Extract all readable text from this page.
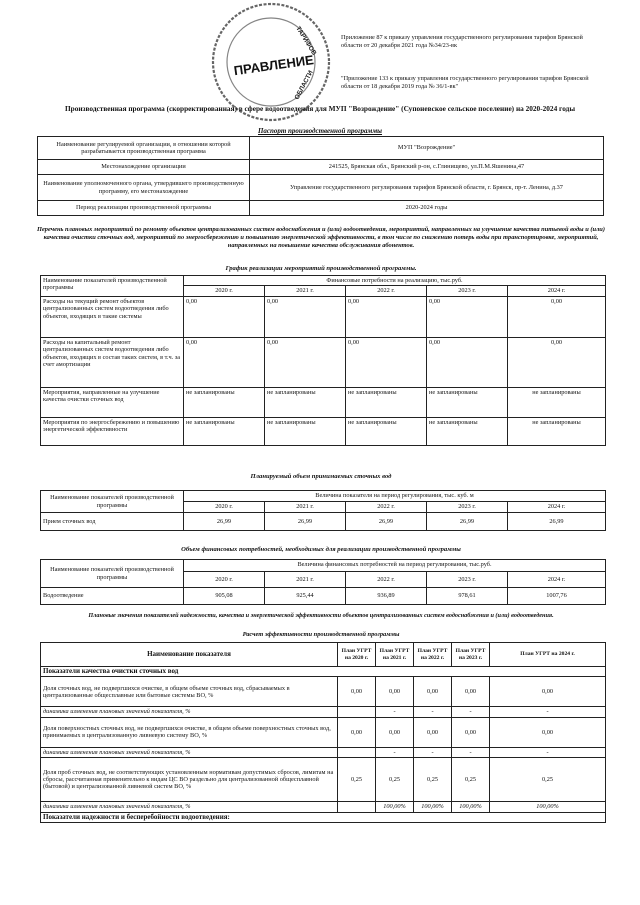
ПРАВЛЕНИЕ
ТАРИФОВ
ОБЛАСТИ
Приложение 87 к приказу управления государственного регулирования тарифов Брянской области от 20 декабря 2021 года №34/23-вк
"Приложение 133 к приказу управления государственного регулирования тарифов Брянской области от 18 декабря 2019 года № 36/1-вк"
Производственная программа (скорректированная) в сфере водоотведения для МУП "Возрождение" (Супоневское сельское поселение) на 2020-2024 годы
Паспорт производственной программы
Наименование регулируемой организации, в отношении которой разрабатывается производственная программа	МУП "Возрождение"
Местонахождение организации	241525, Брянская обл., Брянский р-он, с.Глинищево, ул.П.М.Яшенина,47
Наименование уполномоченного органа, утвердившего производственную программу, его местонахождение	Управление государственного регулирования тарифов Брянской области, г. Брянск, пр-т. Ленина, д.37
Период реализации производственной программы	2020-2024 годы
Перечень плановых мероприятий по ремонту объектов централизованных систем водоснабжения и (или) водоотведения, мероприятий, направленных на улучшение качества питьевой воды и (или) качества очистки сточных вод, мероприятий по энергосбережению и повышению энергетической эффективности, в том числе по снижению потерь воды при транспортировке, мероприятий, направленных на повышение качества обслуживания абонентов.
График реализации мероприятий производственной программы.
Наименование показателей производственной программы	Финансовые потребности на реализацию, тыс.руб.				
	2020 г.	2021 г.	2022 г.	2023 г.	2024 г.
Расходы на текущий ремонт объектов централизованных систем водоотведения либо объектов, входящих в такие системы	0,00	0,00	0,00	0,00	0,00
Расходы на капитальный ремонт централизованных систем водоотведения либо объектов, входящих в состав таких систем, в т.ч. за счет амортизации	0,00	0,00	0,00	0,00	0,00
Мероприятия, направленные на улучшение качества очистки сточных вод	не запланированы	не запланированы	не запланированы	не запланированы	не запланированы
Мероприятия по энергосбережению и повышению энергетической эффективности	не запланированы	не запланированы	не запланированы	не запланированы	не запланированы
Планируемый объем принимаемых сточных вод
Наименование показателей производственной программы	Величина показателя на период регулирования, тыс. куб. м				
	2020 г.	2021 г.	2022 г.	2023 г.	2024 г.
Прием сточных вод	26,99	26,99	26,99	26,99	26,99
Объем финансовых потребностей, необходимых для реализации производственной программы
Наименование показателей производственной программы	Величина финансовых потребностей на период регулирования, тыс.руб.				
	2020 г.	2021 г.	2022 г.	2023 г.	2024 г.
Водоотведение	905,08	925,44	936,89	978,61	1007,76
Плановые значения показателей надежности, качества и энергетической эффективности объектов централизованных систем водоснабжения и (или) водоотведения.
Расчет эффективности производственной программы
Наименование показателя	План УГРТ на 2020 г.	План УГРТ на 2021 г.	План УГРТ на 2022 г.	План УГРТ на 2023 г.	План УГРТ на 2024 г.
Показатели качества очистки сточных вод					
Доля сточных вод, не подвергшихся очистке, в общем объеме сточных вод, сбрасываемых в централизованные общесплавные или бытовые системы ВО, %	0,00	0,00	0,00	0,00	0,00
динамика изменения плановых значений показателя, %		-	-	-	-
Доля поверхностных сточных вод, не подвергшихся очистке, в общем объеме поверхностных сточных вод, принимаемых в централизованную ливневую систему ВО, %	0,00	0,00	0,00	0,00	0,00
динамика изменения плановых значений показателя, %		-	-	-	-
Доля проб сточных вод, не соответствующих установленным нормативам допустимых сбросов, лимитам на сбросы, рассчитанная применительно к видам ЦС ВО раздельно для централизованной общесплавной (бытовой) и централизованной ливневой систем ВО, %	0,25	0,25	0,25	0,25	0,25
динамика изменения плановых значений показателя, %		100,00%	100,00%	100,00%	100,00%
Показатели надежности и бесперебойности водоотведения:					
